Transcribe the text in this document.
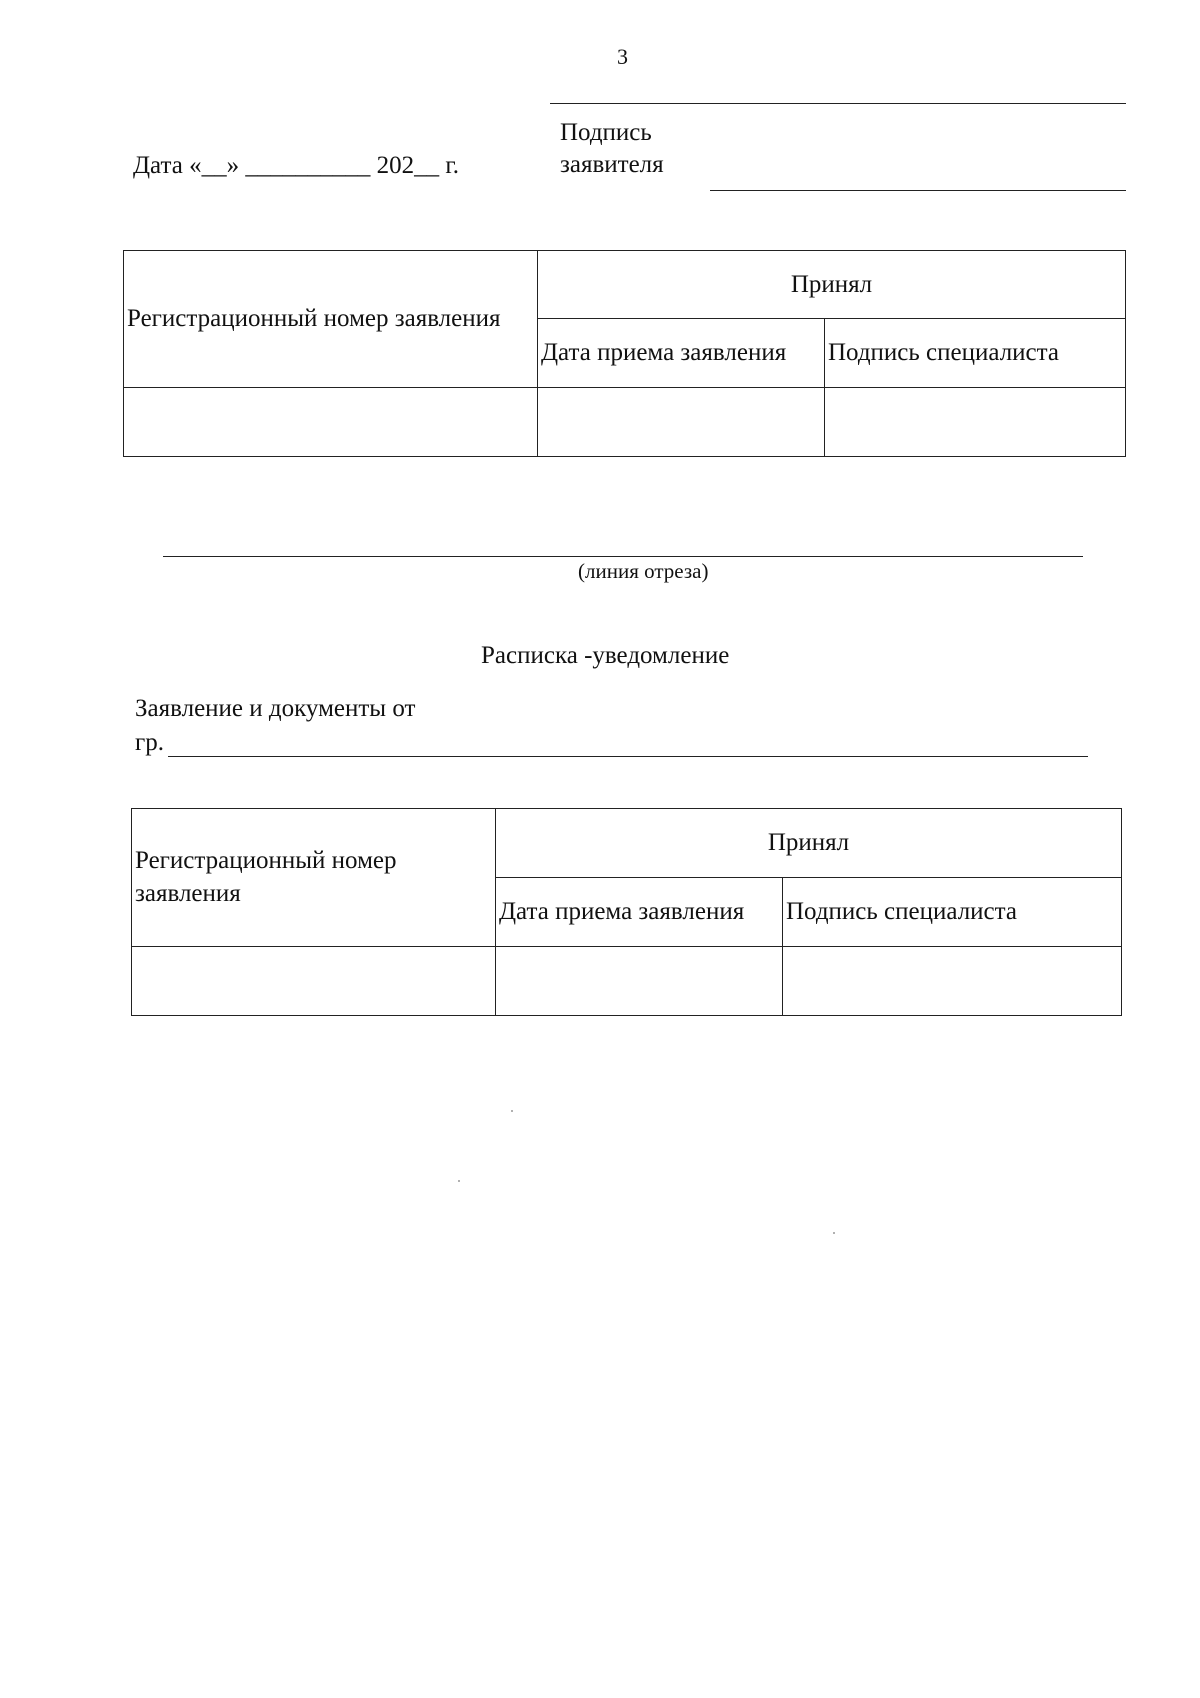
3
Дата «__» __________ 202__ г.
Подпись
заявителя
Регистрационный номер заявления	Принял	
	Дата приема заявления	Подпись специалиста

(линия отреза)
Расписка -уведомление
Заявление и документы от
гр.
Регистрационный номер заявления	Принял	
	Дата приема заявления	Подпись специалиста
